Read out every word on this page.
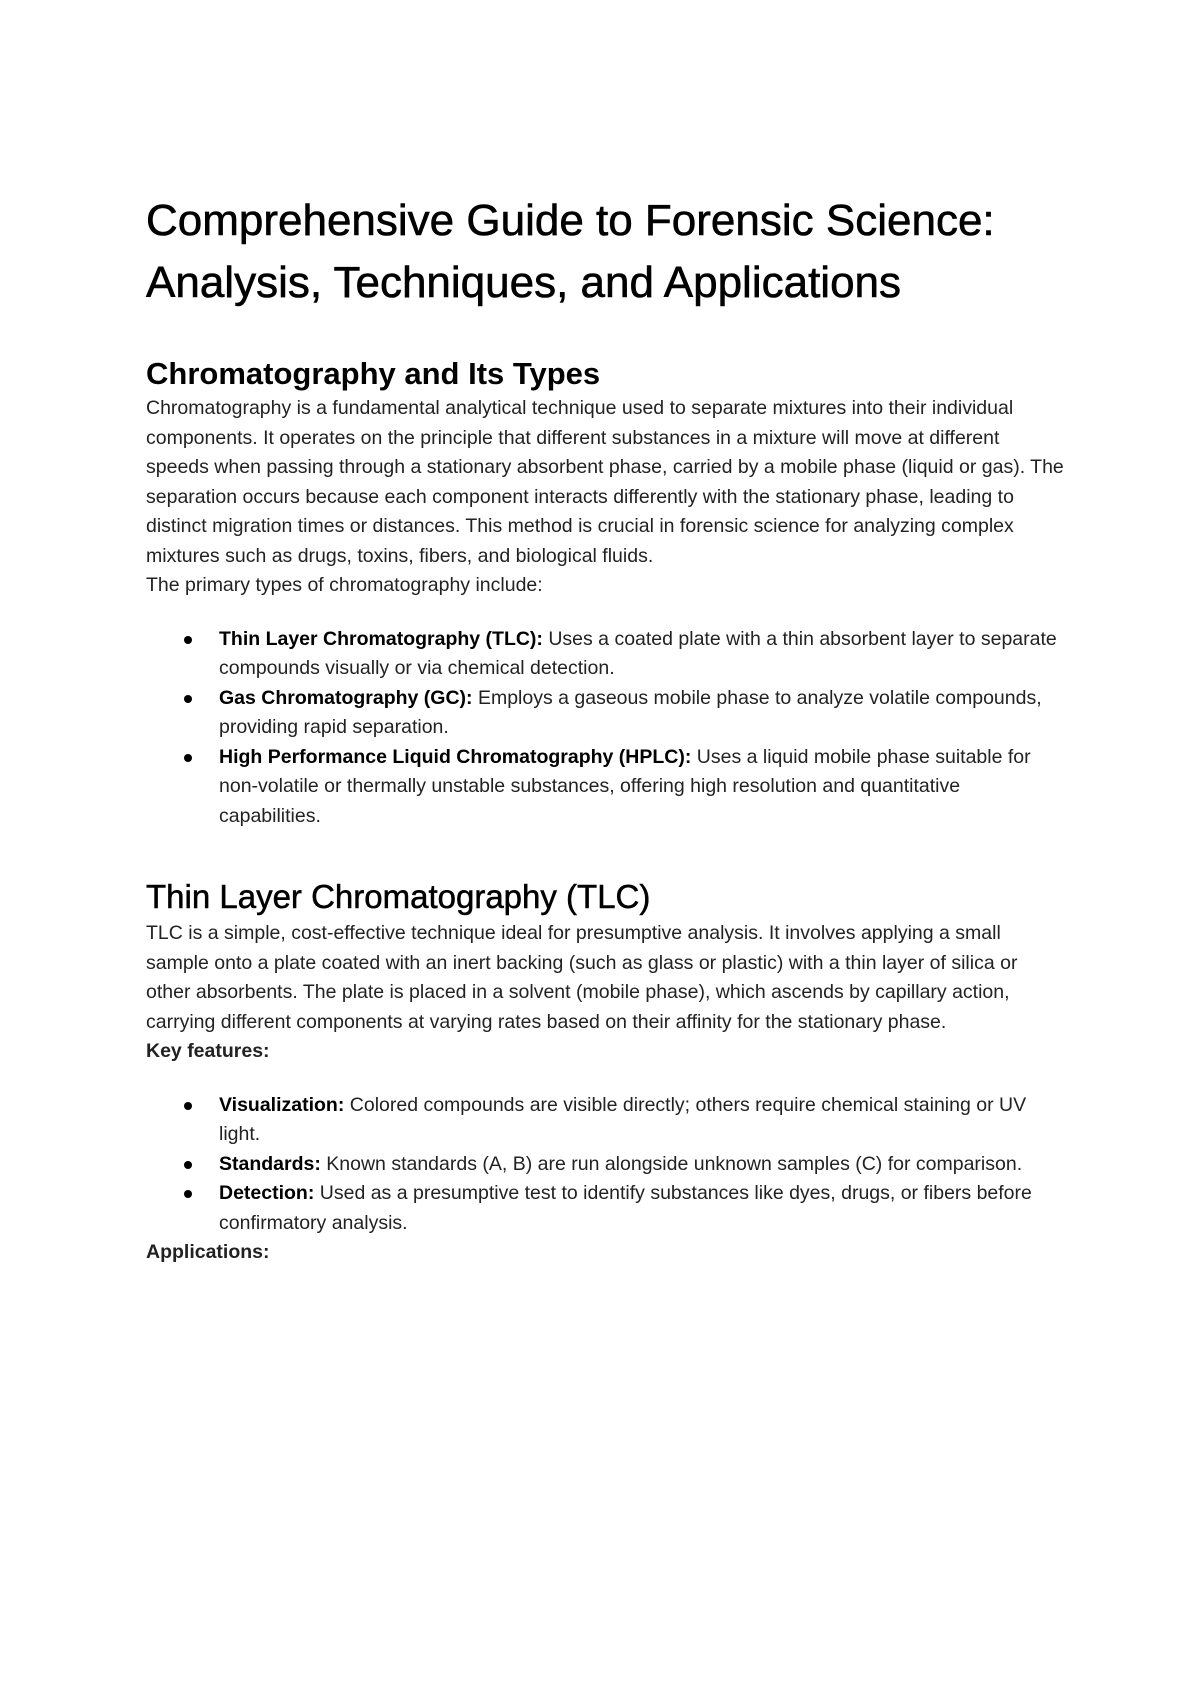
Comprehensive Guide to Forensic Science: Analysis, Techniques, and Applications
Chromatography and Its Types

Chromatography is a fundamental analytical technique used to separate mixtures into their individual components. It operates on the principle that different substances in a mixture will move at different speeds when passing through a stationary absorbent phase, carried by a mobile phase (liquid or gas). The separation occurs because each component interacts differently with the stationary phase, leading to distinct migration times or distances. This method is crucial in forensic science for analyzing complex mixtures such as drugs, toxins, fibers, and biological fluids.

The primary types of chromatography include:

Thin Layer Chromatography (TLC): Uses a coated plate with a thin absorbent layer to separate compounds visually or via chemical detection.
Gas Chromatography (GC): Employs a gaseous mobile phase to analyze volatile compounds, providing rapid separation.
High Performance Liquid Chromatography (HPLC): Uses a liquid mobile phase suitable for non-volatile or thermally unstable substances, offering high resolution and quantitative capabilities.
Thin Layer Chromatography (TLC)

TLC is a simple, cost-effective technique ideal for presumptive analysis. It involves applying a small sample onto a plate coated with an inert backing (such as glass or plastic) with a thin layer of silica or other absorbents. The plate is placed in a solvent (mobile phase), which ascends by capillary action, carrying different components at varying rates based on their affinity for the stationary phase.

Key features:

Visualization: Colored compounds are visible directly; others require chemical staining or UV light.
Standards: Known standards (A, B) are run alongside unknown samples (C) for comparison.
Detection: Used as a presumptive test to identify substances like dyes, drugs, or fibers before confirmatory analysis.

Applications:
